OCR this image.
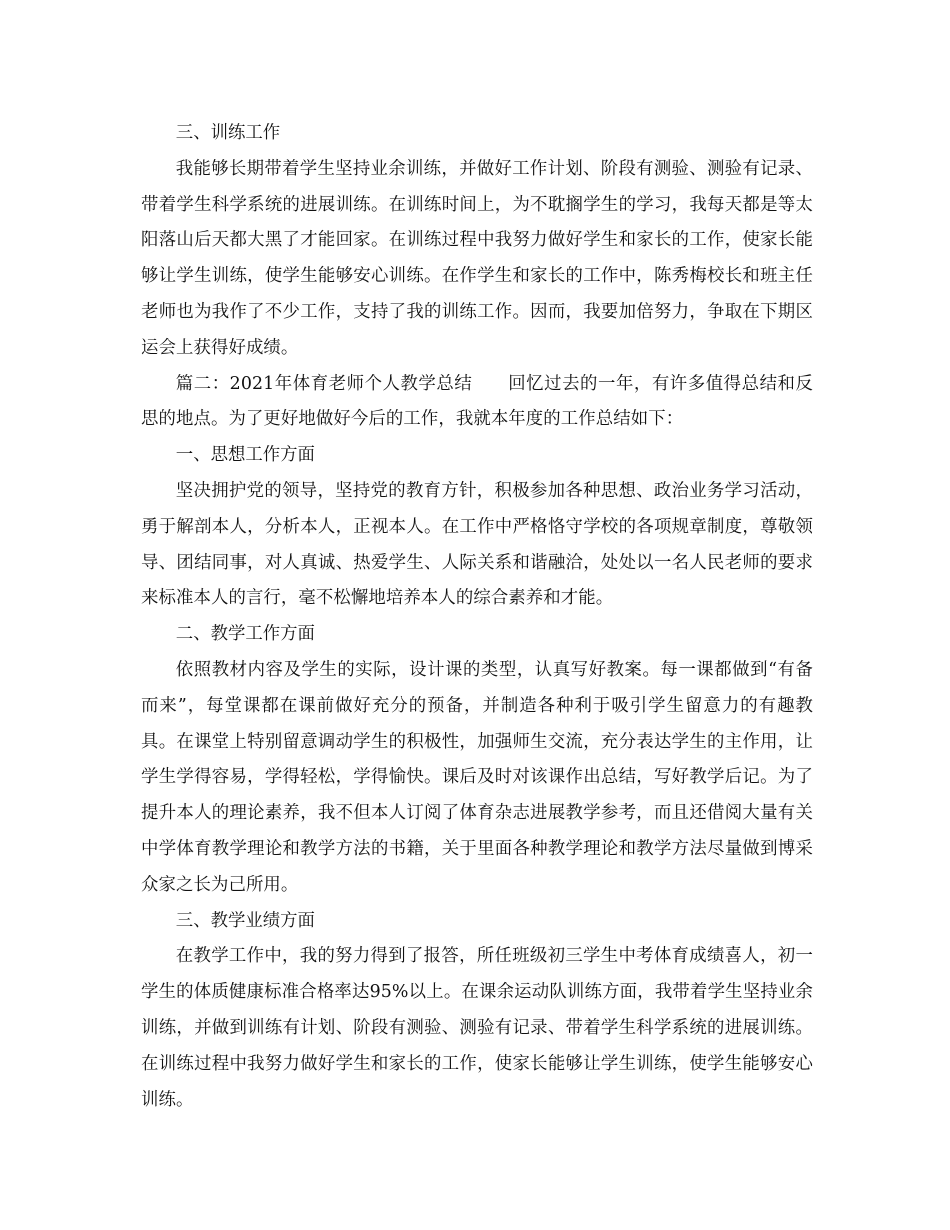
三、训练工作

我能够长期带着学生坚持业余训练，并做好工作计划、阶段有测验、测验有记录、带着学生科学系统的进展训练。在训练时间上，为不耽搁学生的学习，我每天都是等太阳落山后天都大黑了才能回家。在训练过程中我努力做好学生和家长的工作，使家长能够让学生训练，使学生能够安心训练。在作学生和家长的工作中，陈秀梅校长和班主任老师也为我作了不少工作，支持了我的训练工作。因而，我要加倍努力，争取在下期区运会上获得好成绩。

篇二：2021年体育老师个人教学总结　　回忆过去的一年，有许多值得总结和反思的地点。为了更好地做好今后的工作，我就本年度的工作总结如下：

一、思想工作方面

坚决拥护党的领导，坚持党的教育方针，积极参加各种思想、政治业务学习活动，勇于解剖本人，分析本人，正视本人。在工作中严格恪守学校的各项规章制度，尊敬领导、团结同事，对人真诚、热爱学生、人际关系和谐融洽，处处以一名人民老师的要求来标准本人的言行，毫不松懈地培养本人的综合素养和才能。

二、教学工作方面

依照教材内容及学生的实际，设计课的类型，认真写好教案。每一课都做到“有备而来”，每堂课都在课前做好充分的预备，并制造各种利于吸引学生留意力的有趣教具。在课堂上特别留意调动学生的积极性，加强师生交流，充分表达学生的主作用，让学生学得容易，学得轻松，学得愉快。课后及时对该课作出总结，写好教学后记。为了提升本人的理论素养，我不但本人订阅了体育杂志进展教学参考，而且还借阅大量有关中学体育教学理论和教学方法的书籍，关于里面各种教学理论和教学方法尽量做到博采众家之长为己所用。

三、教学业绩方面

在教学工作中，我的努力得到了报答，所任班级初三学生中考体育成绩喜人，初一学生的体质健康标准合格率达95%以上。在课余运动队训练方面，我带着学生坚持业余训练，并做到训练有计划、阶段有测验、测验有记录、带着学生科学系统的进展训练。在训练过程中我努力做好学生和家长的工作，使家长能够让学生训练，使学生能够安心训练。
